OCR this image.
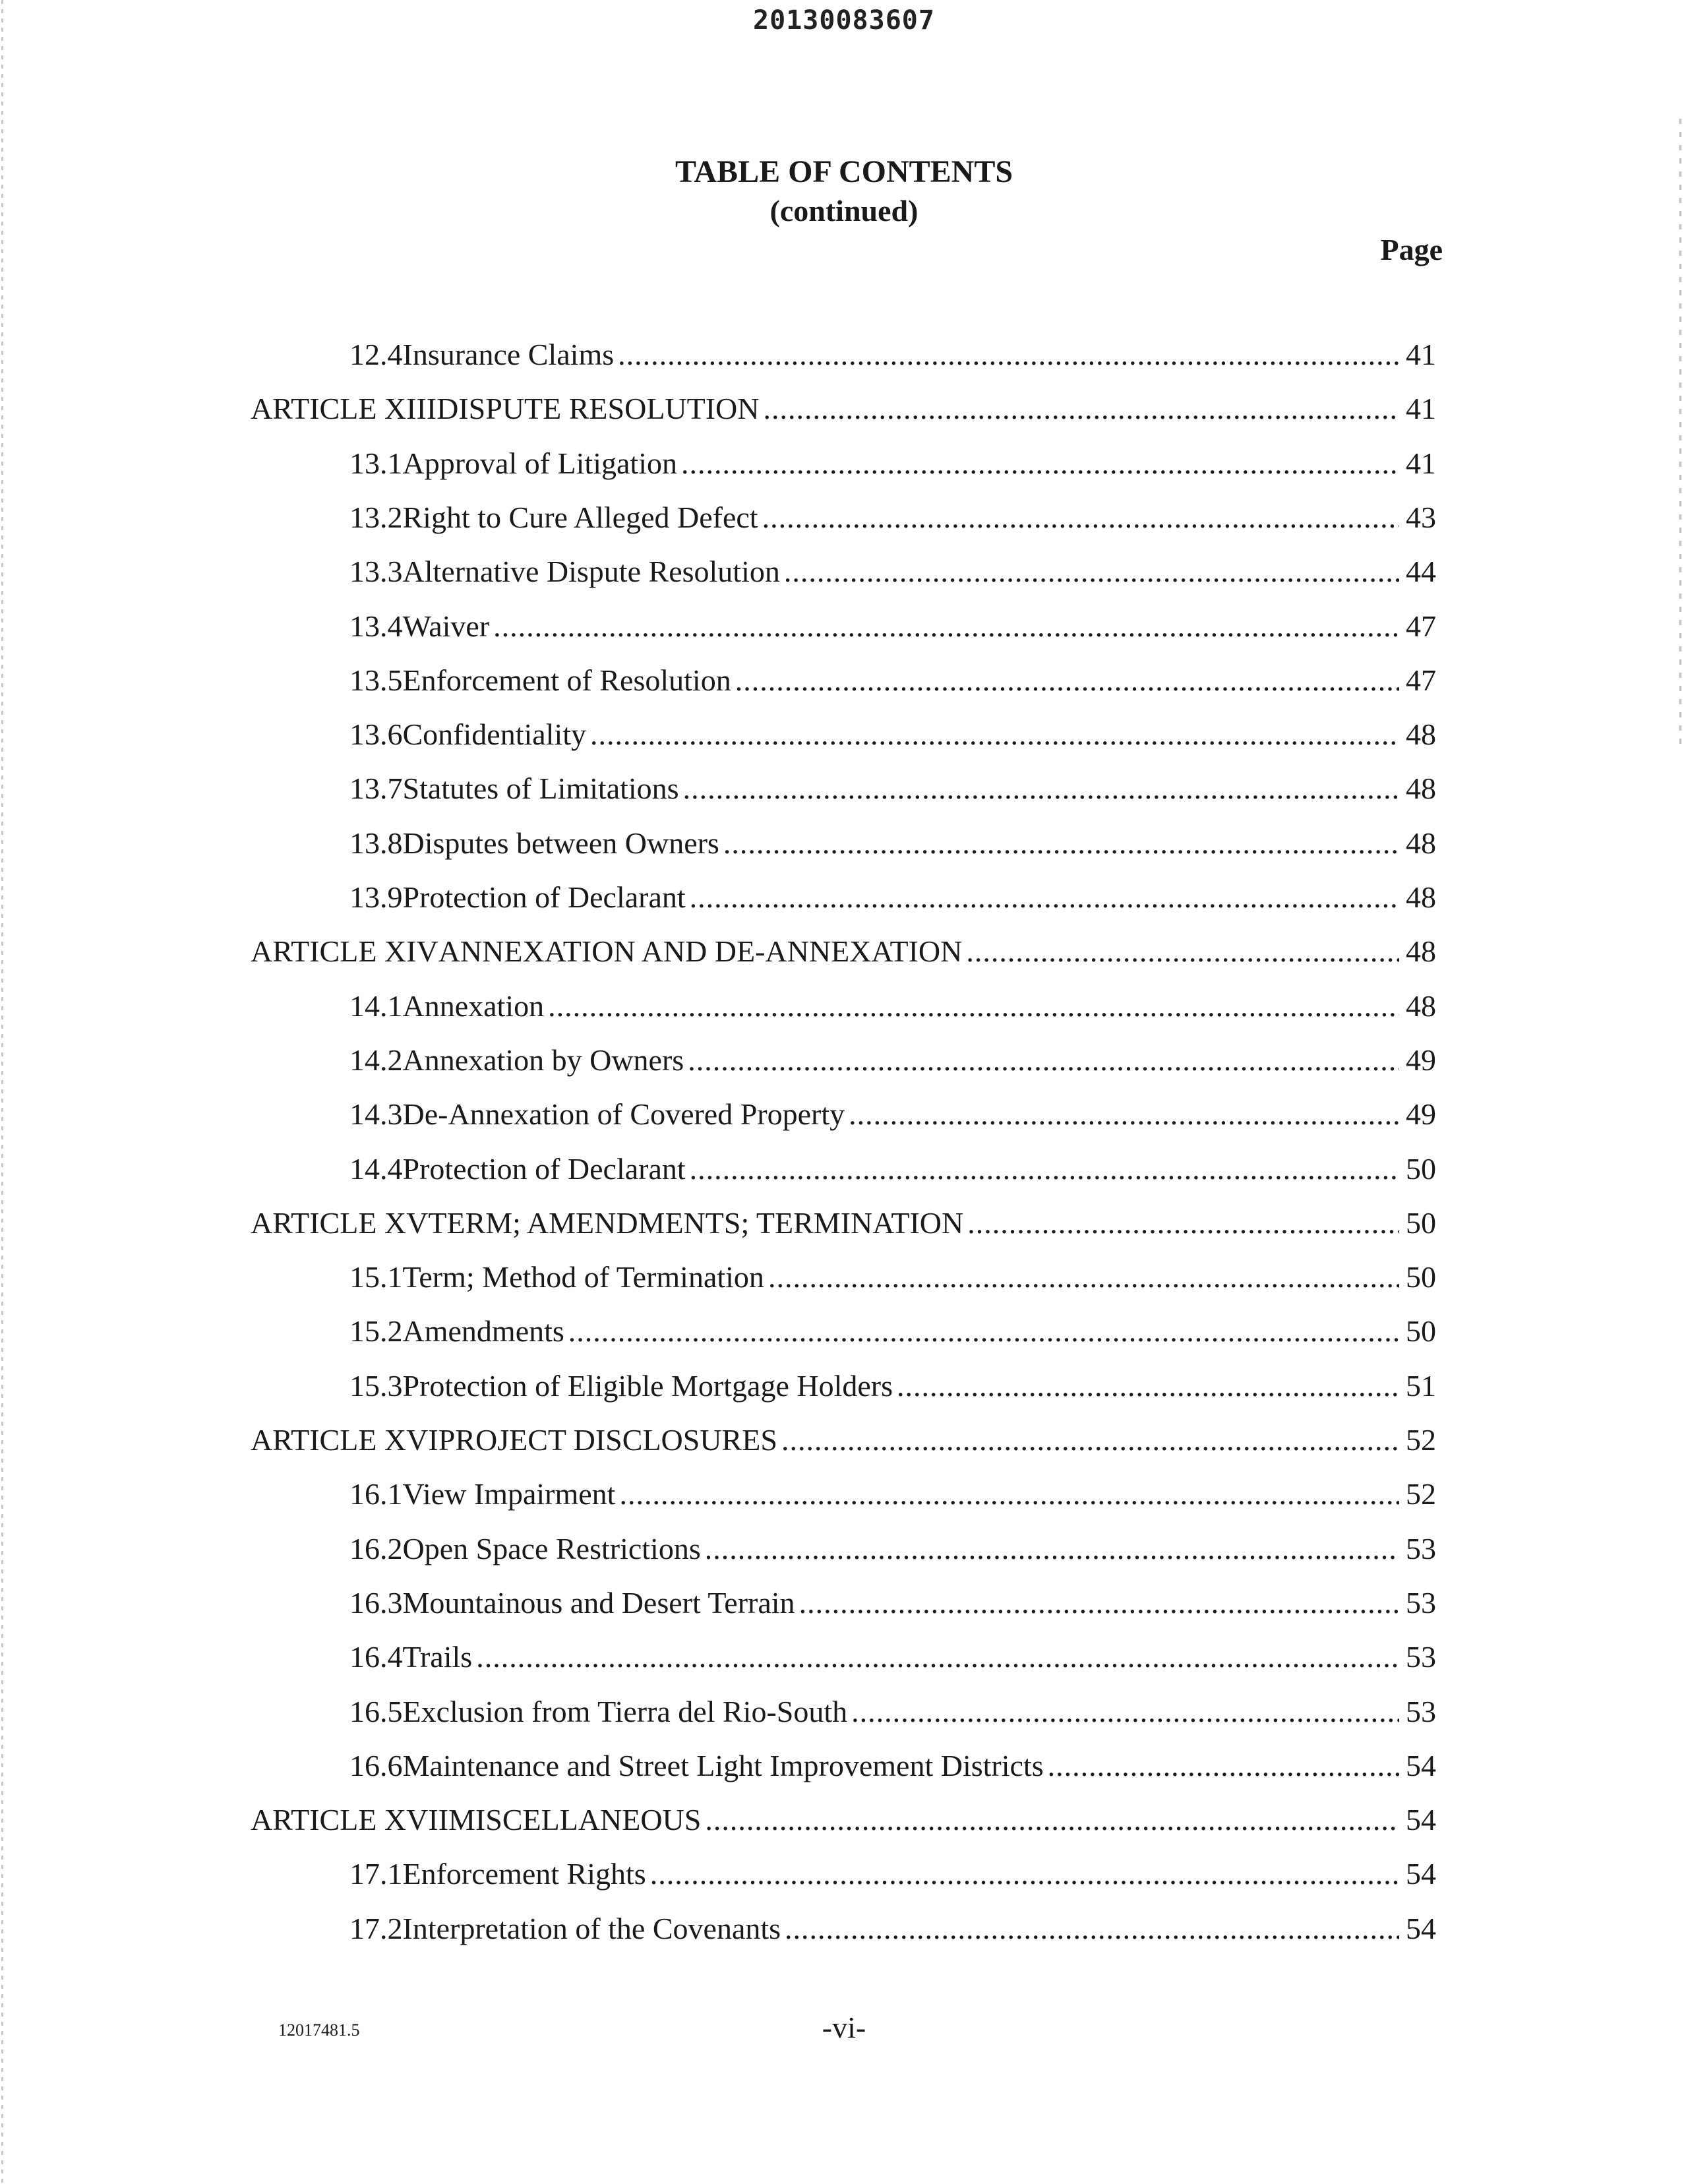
20130083607
TABLE OF CONTENTS
(continued)
Page
12.4 Insurance Claims .....	41
ARTICLE XIII DISPUTE RESOLUTION .....	41
13.1 Approval of Litigation .....	41
13.2 Right to Cure Alleged Defect .....	43
13.3 Alternative Dispute Resolution .....	44
13.4 Waiver .....	47
13.5 Enforcement of Resolution .....	47
13.6 Confidentiality .....	48
13.7 Statutes of Limitations .....	48
13.8 Disputes between Owners .....	48
13.9 Protection of Declarant .....	48
ARTICLE XIV ANNEXATION AND DE-ANNEXATION .....	48
14.1 Annexation .....	48
14.2 Annexation by Owners .....	49
14.3 De-Annexation of Covered Property .....	49
14.4 Protection of Declarant .....	50
ARTICLE XV TERM; AMENDMENTS; TERMINATION .....	50
15.1 Term; Method of Termination .....	50
15.2 Amendments .....	50
15.3 Protection of Eligible Mortgage Holders .....	51
ARTICLE XVI PROJECT DISCLOSURES .....	52
16.1 View Impairment .....	52
16.2 Open Space Restrictions .....	53
16.3 Mountainous and Desert Terrain .....	53
16.4 Trails .....	53
16.5 Exclusion from Tierra del Rio-South .....	53
16.6 Maintenance and Street Light Improvement Districts .....	54
ARTICLE XVII MISCELLANEOUS .....	54
17.1 Enforcement Rights .....	54
17.2 Interpretation of the Covenants .....	54
12017481.5	-vi-
